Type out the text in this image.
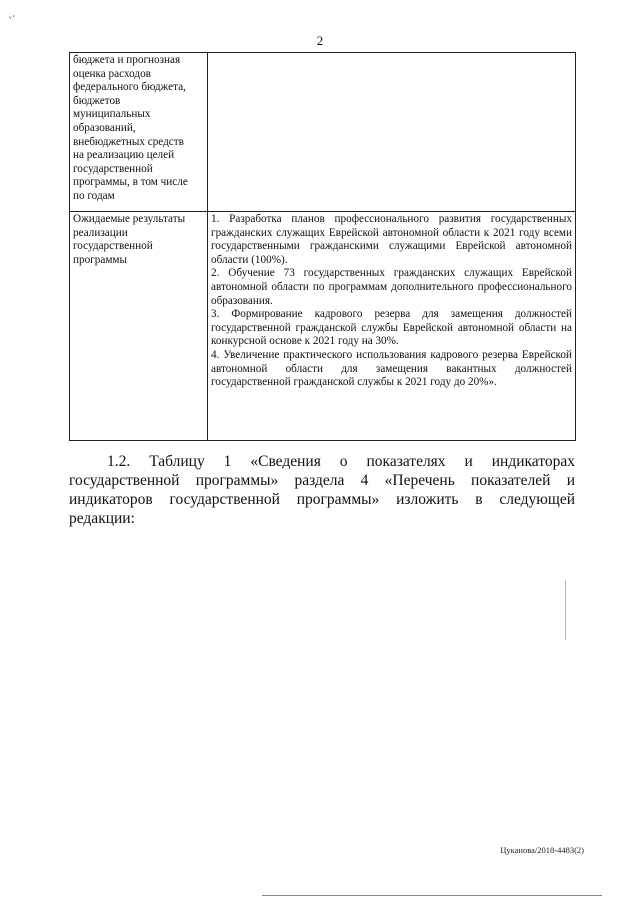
ᵥ⸳
2
бюджета и прогнозная оценка расходов федерального бюджета, бюджетов муниципальных образований, внебюджетных средств на реализацию целей государственной программы, в том числе по годам	

Ожидаемые результаты реализации государственной программы	1. Разработка планов профессионального развития государственных гражданских служащих Еврейской автономной области к 2021 году всеми государственными гражданскими служащими Еврейской автономной области (100%).

2. Обучение 73 государственных гражданских служащих Еврейской автономной области по программам дополнительного профессионального образования.

3. Формирование кадрового резерва для замещения должностей государственной гражданской службы Еврейской автономной области на конкурсной основе к 2021 году на 30%.

4. Увеличение практического использования кадрового резерва Еврейской автономной области для замещения вакантных должностей государственной гражданской службы к 2021 году до 20%».

1.2. Таблицу 1 «Сведения о показателях и индикаторах государственной программы» раздела 4 «Перечень показателей и индикаторов государственной программы» изложить в следующей редакции:

Цуканова/2018-4483(2)
